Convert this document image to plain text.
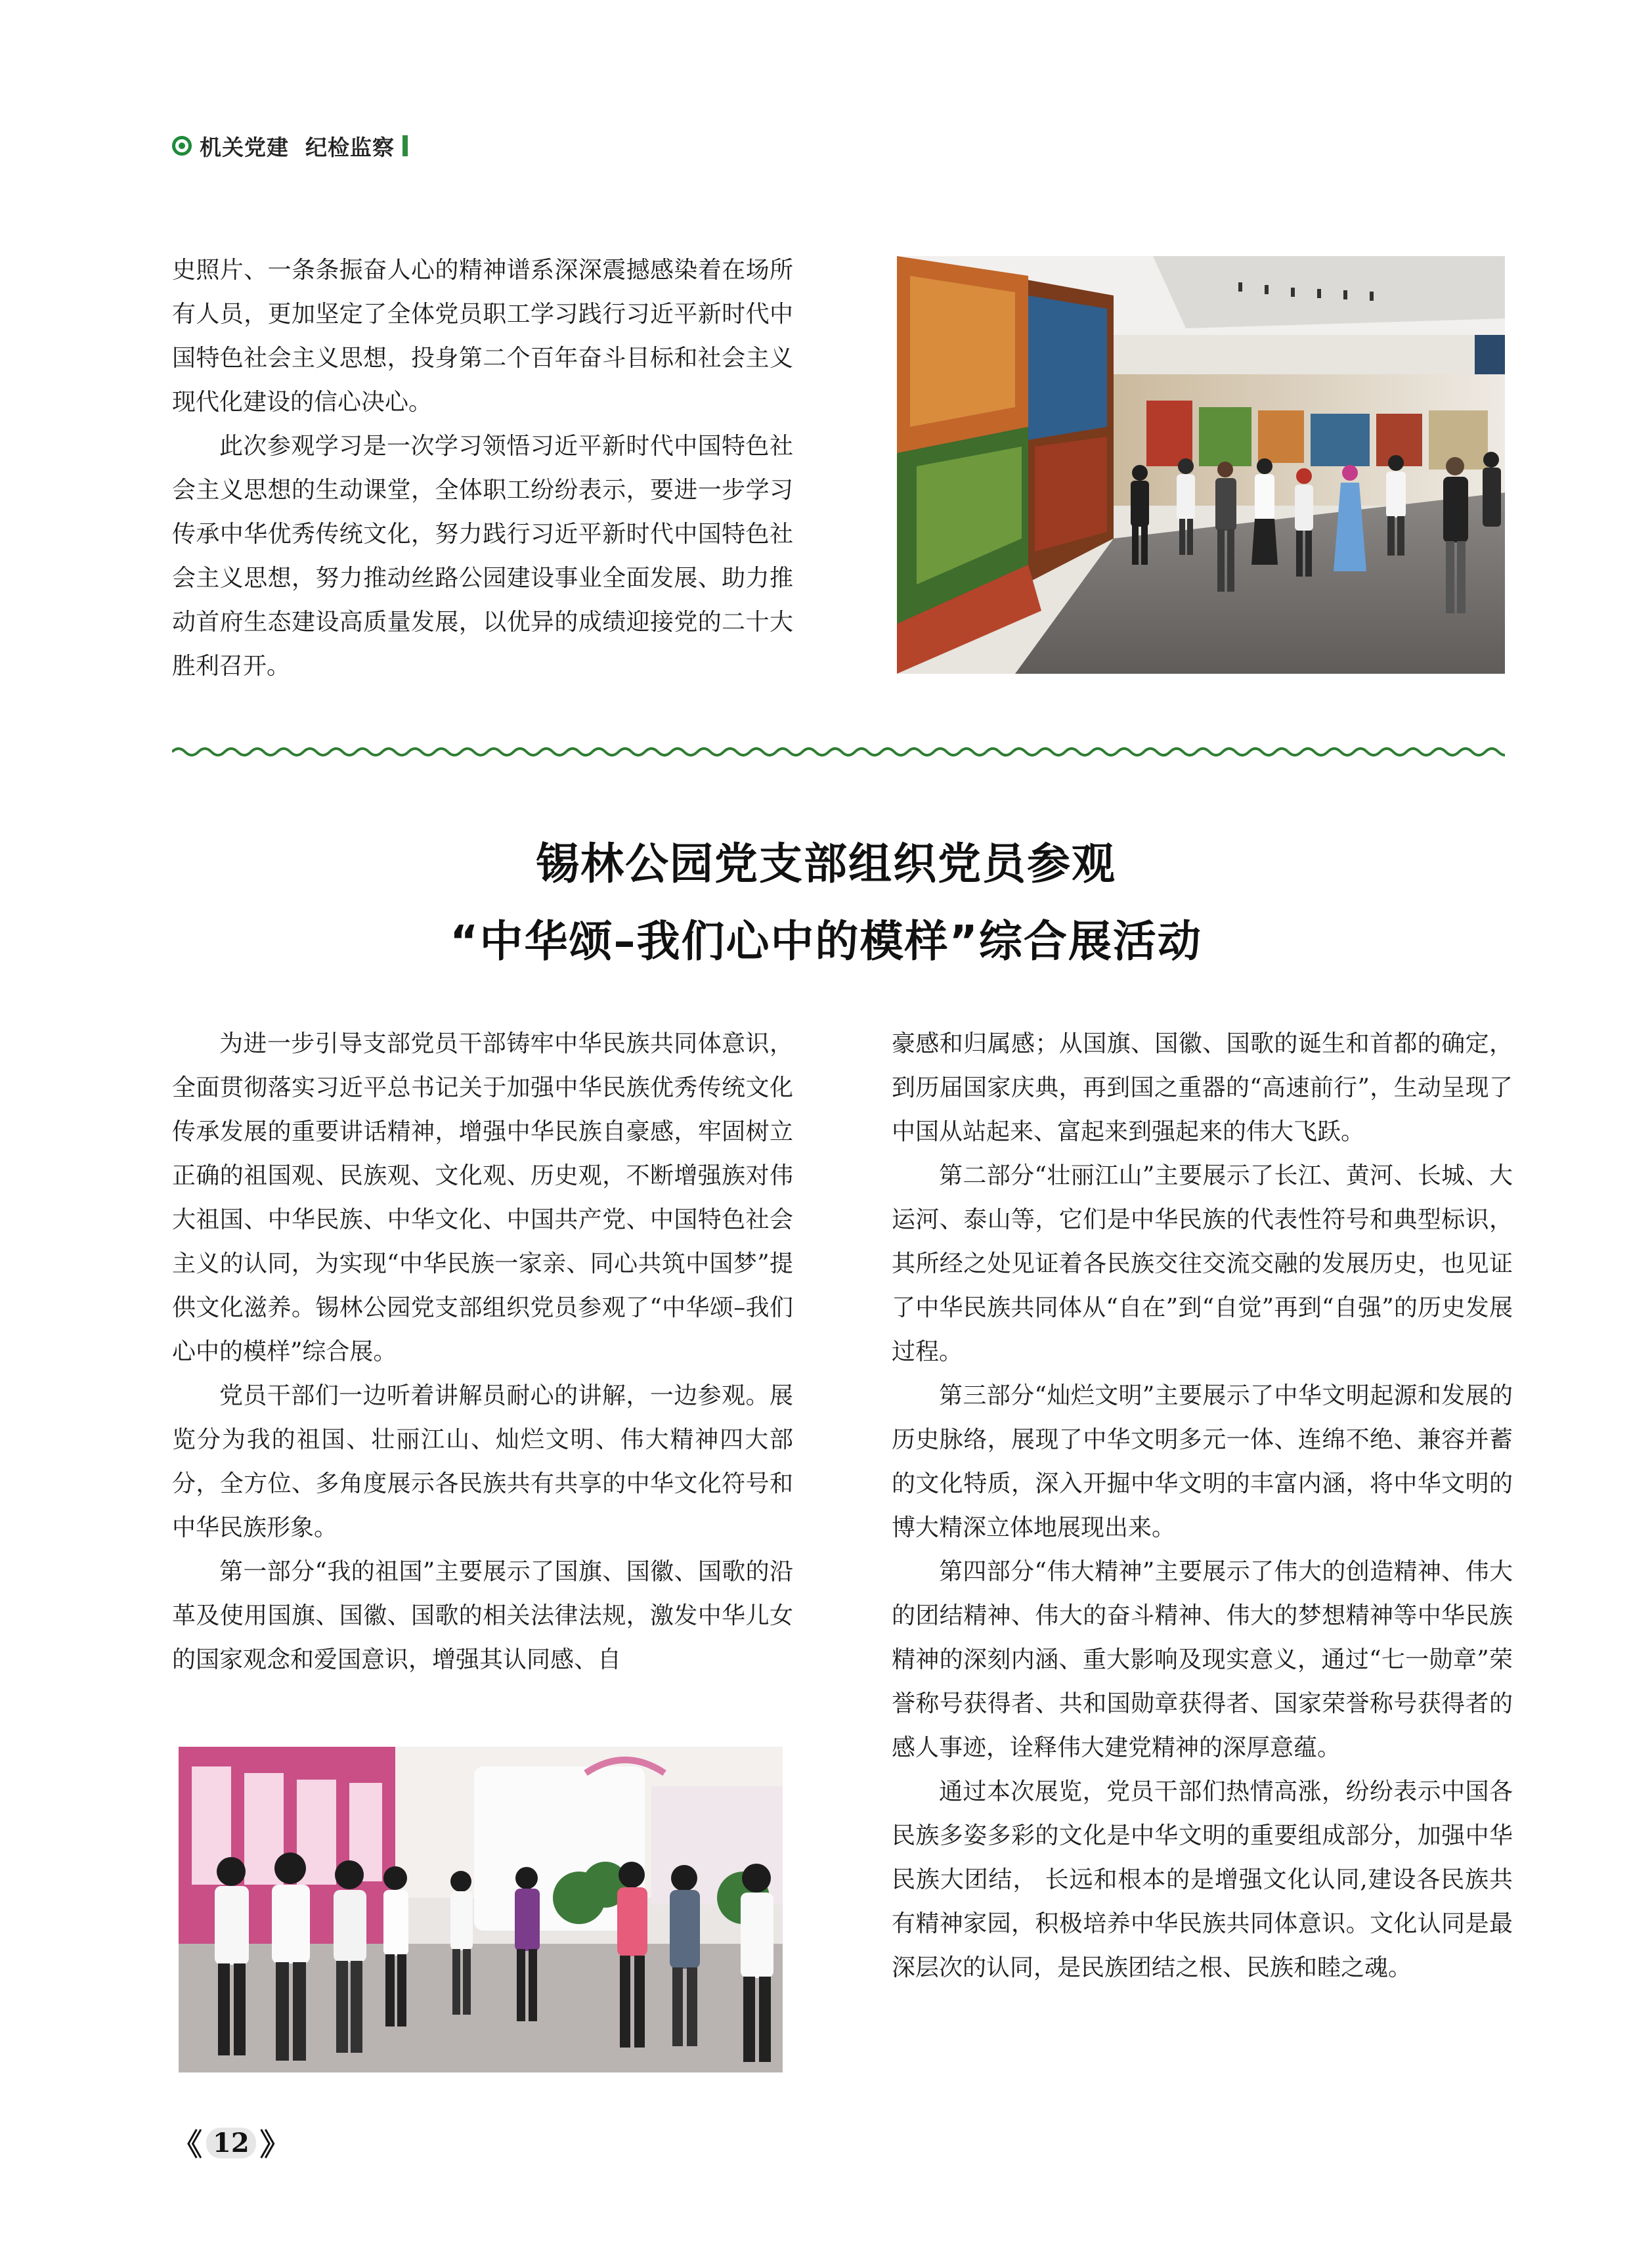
机关党建  纪检监察

史照片、一条条振奋人心的精神谱系深深震撼感染着在场所有人员，更加坚定了全体党员职工学习践行习近平新时代中国特色社会主义思想，投身第二个百年奋斗目标和社会主义现代化建设的信心决心。

此次参观学习是一次学习领悟习近平新时代中国特色社会主义思想的生动课堂，全体职工纷纷表示，要进一步学习传承中华优秀传统文化，努力践行习近平新时代中国特色社会主义思想，努力推动丝路公园建设事业全面发展、助力推动首府生态建设高质量发展，以优异的成绩迎接党的二十大胜利召开。

锡林公园党支部组织党员参观
“中华颂–我们心中的模样”综合展活动

为进一步引导支部党员干部铸牢中华民族共同体意识，全面贯彻落实习近平总书记关于加强中华民族优秀传统文化传承发展的重要讲话精神，增强中华民族自豪感，牢固树立正确的祖国观、民族观、文化观、历史观，不断增强族对伟大祖国、中华民族、中华文化、中国共产党、中国特色社会主义的认同，为实现“中华民族一家亲、同心共筑中国梦”提供文化滋养。锡林公园党支部组织党员参观了“中华颂–我们心中的模样”综合展。

党员干部们一边听着讲解员耐心的讲解，一边参观。展览分为我的祖国、壮丽江山、灿烂文明、伟大精神四大部分，全方位、多角度展示各民族共有共享的中华文化符号和中华民族形象。

第一部分“我的祖国”主要展示了国旗、国徽、国歌的沿革及使用国旗、国徽、国歌的相关法律法规，激发中华儿女的国家观念和爱国意识，增强其认同感、自

豪感和归属感；从国旗、国徽、国歌的诞生和首都的确定，到历届国家庆典，再到国之重器的“高速前行”，生动呈现了中国从站起来、富起来到强起来的伟大飞跃。

第二部分“壮丽江山”主要展示了长江、黄河、长城、大运河、泰山等，它们是中华民族的代表性符号和典型标识，其所经之处见证着各民族交往交流交融的发展历史，也见证了中华民族共同体从“自在”到“自觉”再到“自强”的历史发展过程。

第三部分“灿烂文明”主要展示了中华文明起源和发展的历史脉络，展现了中华文明多元一体、连绵不绝、兼容并蓄的文化特质，深入开掘中华文明的丰富内涵，将中华文明的博大精深立体地展现出来。

第四部分“伟大精神”主要展示了伟大的创造精神、伟大的团结精神、伟大的奋斗精神、伟大的梦想精神等中华民族精神的深刻内涵、重大影响及现实意义，通过“七一勋章”荣誉称号获得者、共和国勋章获得者、国家荣誉称号获得者的感人事迹，诠释伟大建党精神的深厚意蕴。

通过本次展览，党员干部们热情高涨，纷纷表示中国各民族多姿多彩的文化是中华文明的重要组成部分，加强中华民族大团结， 长远和根本的是增强文化认同,建设各民族共有精神家园，积极培养中华民族共同体意识。文化认同是最深层次的认同，是民族团结之根、民族和睦之魂。

《 12 》
